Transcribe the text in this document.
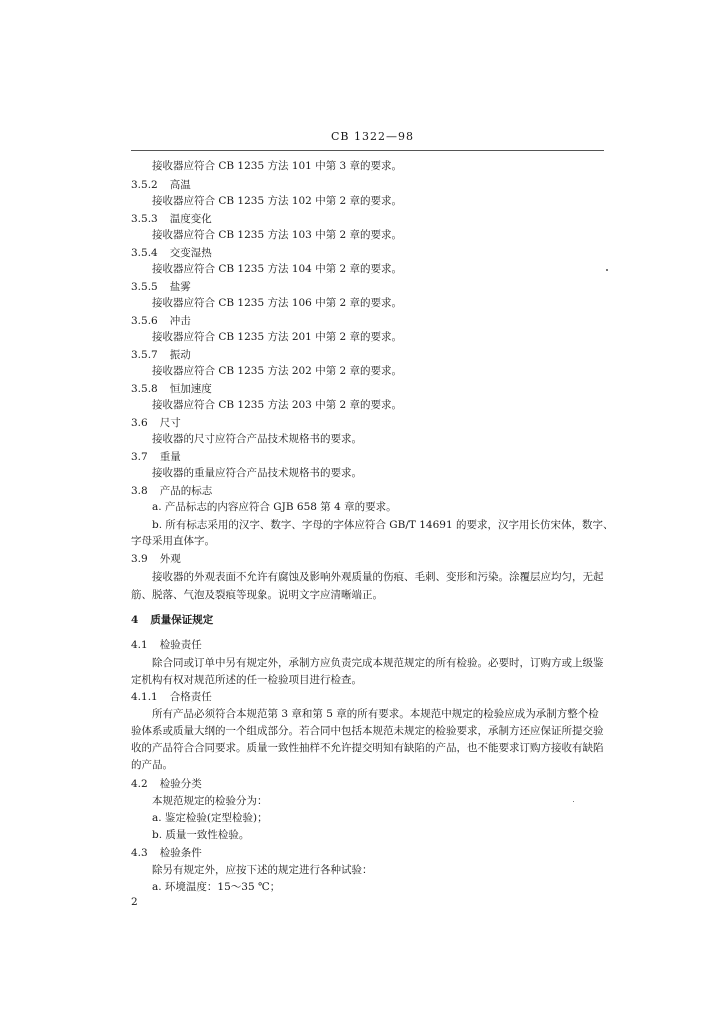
CB 1322—98
接收器应符合 CB 1235 方法 101 中第 3 章的要求。
3.5.2 高温
接收器应符合 CB 1235 方法 102 中第 2 章的要求。
3.5.3 温度变化
接收器应符合 CB 1235 方法 103 中第 2 章的要求。
3.5.4 交变湿热
接收器应符合 CB 1235 方法 104 中第 2 章的要求。
3.5.5 盐雾
接收器应符合 CB 1235 方法 106 中第 2 章的要求。
3.5.6 冲击
接收器应符合 CB 1235 方法 201 中第 2 章的要求。
3.5.7 振动
接收器应符合 CB 1235 方法 202 中第 2 章的要求。
3.5.8 恒加速度
接收器应符合 CB 1235 方法 203 中第 2 章的要求。
3.6 尺寸
接收器的尺寸应符合产品技术规格书的要求。
3.7 重量
接收器的重量应符合产品技术规格书的要求。
3.8 产品的标志
a. 产品标志的内容应符合 GJB 658 第 4 章的要求。
b. 所有标志采用的汉字、数字、字母的字体应符合 GB/T 14691 的要求，汉字用长仿宋体，数字、
字母采用直体字。
3.9 外观
接收器的外观表面不允许有腐蚀及影响外观质量的伤痕、毛刺、变形和污染。涂覆层应均匀，无起
筋、脱落、气泡及裂痕等现象。说明文字应清晰端正。
4 质量保证规定
4.1 检验责任
除合同或订单中另有规定外，承制方应负责完成本规范规定的所有检验。必要时，订购方或上级鉴
定机构有权对规范所述的任一检验项目进行检查。
4.1.1 合格责任
所有产品必须符合本规范第 3 章和第 5 章的所有要求。本规范中规定的检验应成为承制方整个检
验体系或质量大纲的一个组成部分。若合同中包括本规范未规定的检验要求，承制方还应保证所提交验
收的产品符合合同要求。质量一致性抽样不允许提交明知有缺陷的产品，也不能要求订购方接收有缺陷
的产品。
4.2 检验分类
本规范规定的检验分为：
a. 鉴定检验(定型检验)；
b. 质量一致性检验。
4.3 检验条件
除另有规定外，应按下述的规定进行各种试验：
a. 环境温度：15～35 ℃；
2
